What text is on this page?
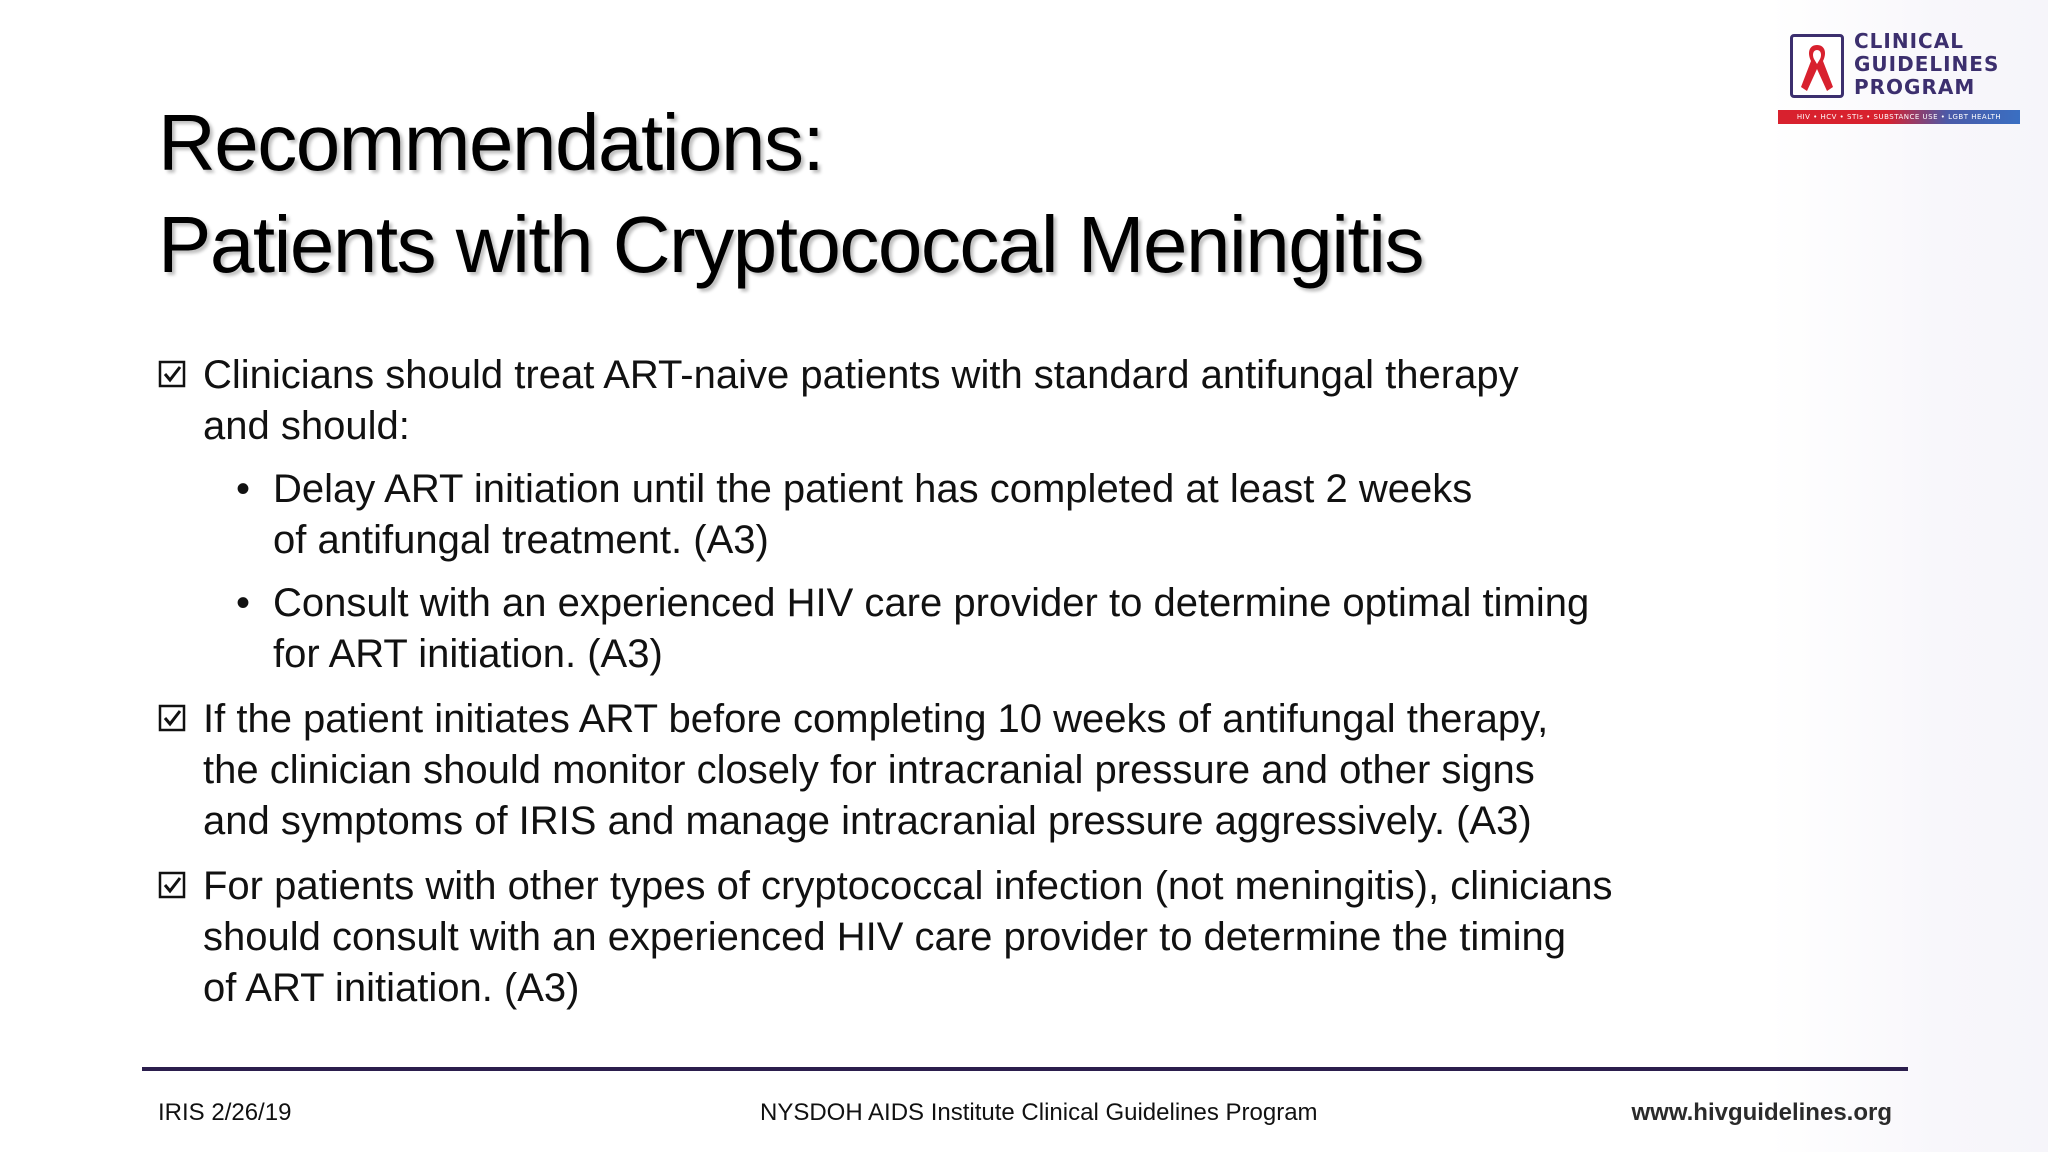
CLINICAL
GUIDELINES
PROGRAM
HIV • HCV • STIs • SUBSTANCE USE • LGBT HEALTH
Recommendations:
Patients with Cryptococcal Meningitis
Clinicians should treat ART-naive patients with standard antifungal therapy
and should:
• Delay ART initiation until the patient has completed at least 2 weeks
of antifungal treatment. (A3)
• Consult with an experienced HIV care provider to determine optimal timing
for ART initiation. (A3)
If the patient initiates ART before completing 10 weeks of antifungal therapy,
the clinician should monitor closely for intracranial pressure and other signs
and symptoms of IRIS and manage intracranial pressure aggressively. (A3)
For patients with other types of cryptococcal infection (not meningitis), clinicians
should consult with an experienced HIV care provider to determine the timing
of ART initiation. (A3)
IRIS 2/26/19	NYSDOH AIDS Institute Clinical Guidelines Program	www.hivguidelines.org
